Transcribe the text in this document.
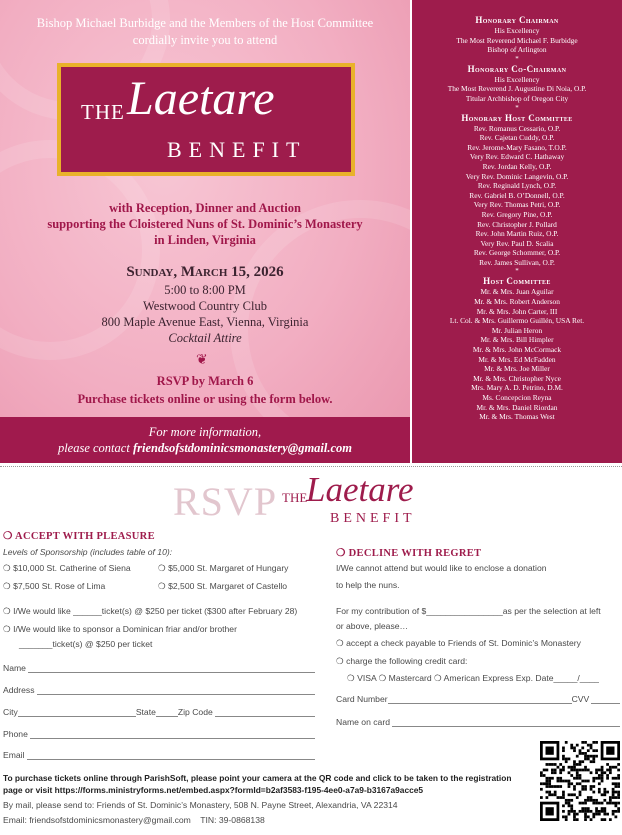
Bishop Michael Burbidge and the Members of the Host Committee
cordially invite you to attend
THE Laetare
BENEFIT
with Reception, Dinner and Auction
supporting the Cloistered Nuns of St. Dominic’s Monastery
in Linden, Virginia
Sunday, March 15, 2026
5:00 to 8:00 PM
Westwood Country Club
800 Maple Avenue East, Vienna, Virginia
Cocktail Attire
❦
RSVP by March 6
Purchase tickets online or using the form below.
For more information,
please contact friendsofstdominicsmonastery@gmail.com
Honorary Chairman
His Excellency
The Most Reverend Michael F. Burbidge
Bishop of Arlington
*
Honorary Co-Chairman
His Excellency
The Most Reverend J. Augustine Di Noia, O.P.
Titular Archbishop of Oregon City
*
Honorary Host Committee
Rev. Romanus Cessario, O.P.
Rev. Cajetan Cuddy, O.P.
Rev. Jerome-Mary Fasano, T.O.P.
Very Rev. Edward C. Hathaway
Rev. Jordan Kelly, O.P.
Very Rev. Dominic Langevin, O.P.
Rev. Reginald Lynch, O.P.
Rev. Gabriel B. O’Donnell, O.P.
Very Rev. Thomas Petri, O.P.
Rev. Gregory Pine, O.P.
Rev. Christopher J. Pollard
Rev. John Martin Ruiz, O.P.
Very Rev. Paul D. Scalia
Rev. George Schommer, O.P.
Rev. James Sullivan, O.P.
*
Host Committee
Mr. & Mrs. Juan Aguilar
Mr. & Mrs. Robert Anderson
Mr. & Mrs. John Carter, III
Lt. Col. & Mrs. Guillermo Guillén, USA Ret.
Mr. Julian Heron
Mr. & Mrs. Bill Himpler
Mr. & Mrs. John McCormack
Mr. & Mrs. Ed McFadden
Mr. & Mrs. Joe Miller
Mr. & Mrs. Christopher Nyce
Mrs. Mary A. D. Petrino, D.M.
Ms. Concepcion Reyna
Mr. & Mrs. Daniel Riordan
Mr. & Mrs. Thomas West
RSVP THE
Laetare
BENEFIT
❍ ACCEPT WITH PLEASURE
Levels of Sponsorship (includes table of 10):
❍ $10,000 St. Catherine of Siena	❍ $5,000 St. Margaret of Hungary
❍ $7,500 St. Rose of Lima	❍ $2,500 St. Margaret of Castello
❍ I/We would like ______ticket(s) @ $250 per ticket ($300 after February 28)
❍ I/We would like to sponsor a Dominican friar and/or brother
_______ticket(s) @ $250 per ticket
Name
Address
City	State	Zip Code
Phone
Email
❍ DECLINE WITH REGRET
I/We cannot attend but would like to enclose a donation
to help the nuns.
For my contribution of $________________as per the selection at left
or above, please…
❍ accept a check payable to Friends of St. Dominic’s Monastery
❍ charge the following credit card:
❍ VISA ❍ Mastercard ❍ American Express Exp. Date_____/____
Card Number	CVV
Name on card
To purchase tickets online through ParishSoft, please point your camera at the QR code and click to be taken to the registration page or visit https://forms.ministryforms.net/embed.aspx?formId=b2af3583-f195-4ee0-a7a9-b3167a9acce5
By mail, please send to: Friends of St. Dominic’s Monastery, 508 N. Payne Street, Alexandria, VA 22314
Email: friendsofstdominicsmonastery@gmail.com TIN: 39-0868138
